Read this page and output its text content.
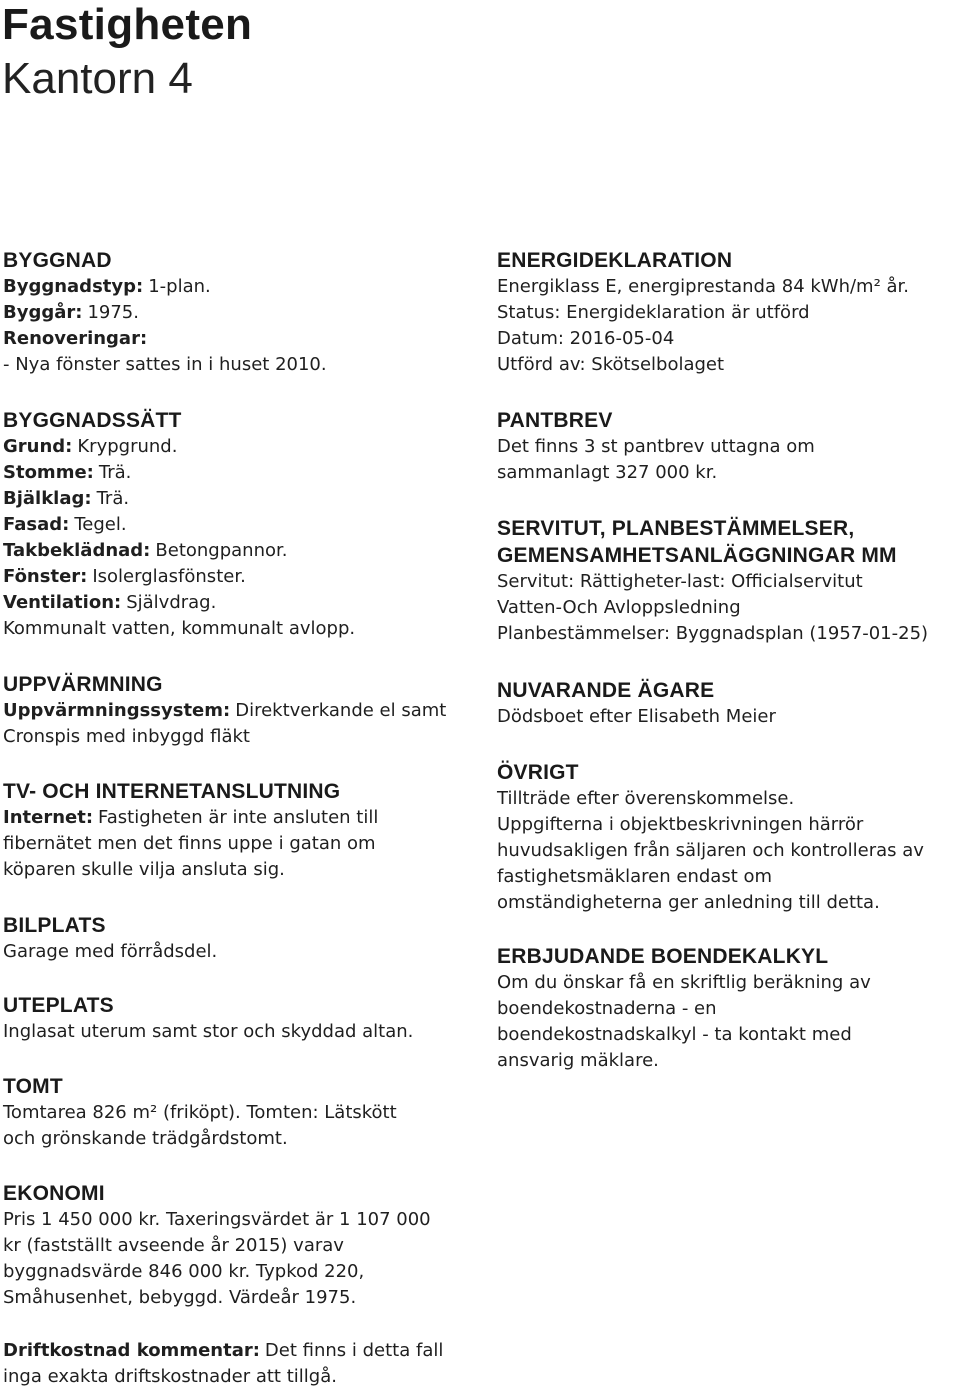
Fastigheten
Kantorn 4
BYGGNAD
Byggnadstyp: 1-plan.
Byggår: 1975.
Renoveringar:
- Nya fönster sattes in i huset 2010.
BYGGNADSSÄTT
Grund: Krypgrund.
Stomme: Trä.
Bjälklag: Trä.
Fasad: Tegel.
Takbeklädnad: Betongpannor.
Fönster: Isolerglasfönster.
Ventilation: Självdrag.
Kommunalt vatten, kommunalt avlopp.
UPPVÄRMNING
Uppvärmningssystem: Direktverkande el samt
Cronspis med inbyggd fläkt
TV- OCH INTERNETANSLUTNING
Internet: Fastigheten är inte ansluten till
fibernätet men det finns uppe i gatan om
köparen skulle vilja ansluta sig.
BILPLATS
Garage med förrådsdel.
UTEPLATS
Inglasat uterum samt stor och skyddad altan.
TOMT
Tomtarea 826 m² (friköpt). Tomten: Lätskött
och grönskande trädgårdstomt.
EKONOMI
Pris 1 450 000 kr. Taxeringsvärdet är 1 107 000
kr (fastställt avseende år 2015) varav
byggnadsvärde 846 000 kr. Typkod 220,
Småhusenhet, bebyggd. Värdeår 1975.
Driftkostnad kommentar: Det finns i detta fall
inga exakta driftskostnader att tillgå.
ENERGIDEKLARATION
Energiklass E, energiprestanda 84 kWh/m² år.
Status: Energideklaration är utförd
Datum: 2016-05-04
Utförd av: Skötselbolaget
PANTBREV
Det finns 3 st pantbrev uttagna om
sammanlagt 327 000 kr.
SERVITUT, PLANBESTÄMMELSER,
GEMENSAMHETSANLÄGGNINGAR MM
Servitut: Rättigheter-last: Officialservitut
Vatten-Och Avloppsledning
Planbestämmelser: Byggnadsplan (1957-01-25)
NUVARANDE ÄGARE
Dödsboet efter Elisabeth Meier
ÖVRIGT
Tillträde efter överenskommelse.
Uppgifterna i objektbeskrivningen härrör
huvudsakligen från säljaren och kontrolleras av
fastighetsmäklaren endast om
omständigheterna ger anledning till detta.
ERBJUDANDE BOENDEKALKYL
Om du önskar få en skriftlig beräkning av
boendekostnaderna - en
boendekostnadskalkyl - ta kontakt med
ansvarig mäklare.
